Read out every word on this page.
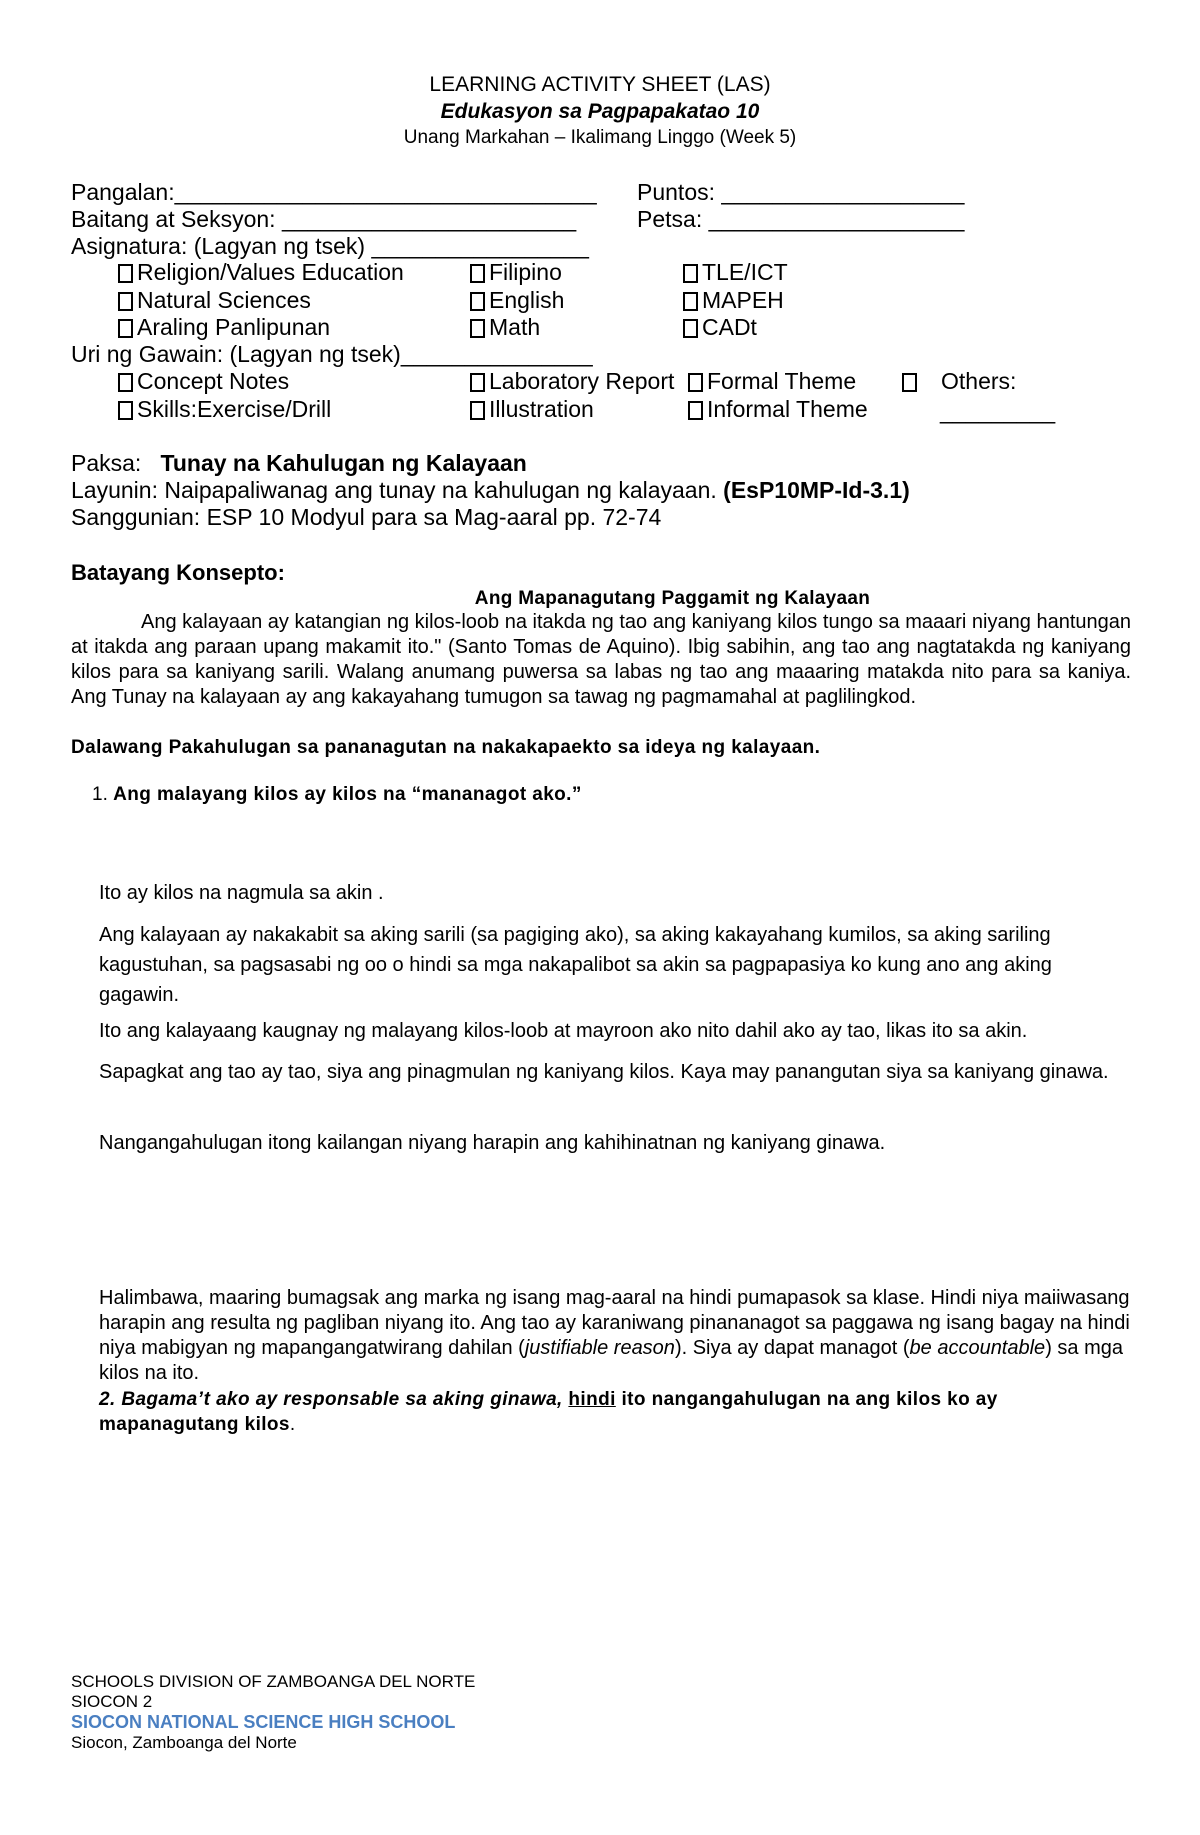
LEARNING ACTIVITY SHEET (LAS)
Edukasyon sa Pagpapakatao 10
Unang Markahan – Ikalimang Linggo (Week 5)
Pangalan:_________________________________ Puntos: ___________________
Baitang at Seksyon: _______________________	Petsa: ____________________
Asignatura: (Lagyan ng tsek) _________________
Religion/Values Education	Filipino	TLE/ICT
Natural Sciences	English	MAPEH
Araling Panlipunan	Math	CADt
Uri ng Gawain: (Lagyan ng tsek)_______________
Concept Notes	Laboratory Report	Formal Theme	Others:
Skills:Exercise/Drill	Illustration	Informal Theme	_________
Paksa: Tunay na Kahulugan ng Kalayaan
Layunin: Naipapaliwanag ang tunay na kahulugan ng kalayaan. (EsP10MP-Id-3.1)
Sanggunian: ESP 10 Modyul para sa Mag-aaral pp. 72-74
Batayang Konsepto:
Ang Mapanagutang Paggamit ng Kalayaan
Ang kalayaan ay katangian ng kilos-loob na itakda ng tao ang kaniyang kilos tungo sa maaari niyang hantungan at itakda ang paraan upang makamit ito." (Santo Tomas de Aquino). Ibig sabihin, ang tao ang nagtatakda ng kaniyang kilos para sa kaniyang sarili. Walang anumang puwersa sa labas ng tao ang maaaring matakda nito para sa kaniya. Ang Tunay na kalayaan ay ang kakayahang tumugon sa tawag ng pagmamahal at paglilingkod.
Dalawang Pakahulugan sa pananagutan na nakakapaekto sa ideya ng kalayaan.
1. Ang malayang kilos ay kilos na “mananagot ako.”
Ito ay kilos na nagmula sa akin .
Ang kalayaan ay nakakabit sa aking sarili (sa pagiging ako), sa aking kakayahang kumilos, sa aking sariling kagustuhan, sa pagsasabi ng oo o hindi sa mga nakapalibot sa akin sa pagpapasiya ko kung ano ang aking gagawin.
Ito ang kalayaang kaugnay ng malayang kilos-loob at mayroon ako nito dahil ako ay tao, likas ito sa akin.
Sapagkat ang tao ay tao, siya ang pinagmulan ng kaniyang kilos. Kaya may panangutan siya sa kaniyang ginawa.
Nangangahulugan itong kailangan niyang harapin ang kahihinatnan ng kaniyang ginawa.
Halimbawa, maaring bumagsak ang marka ng isang mag-aaral na hindi pumapasok sa klase. Hindi niya maiiwasang harapin ang resulta ng pagliban niyang ito. Ang tao ay karaniwang pinananagot sa paggawa ng isang bagay na hindi niya mabigyan ng mapangangatwirang dahilan (justifiable reason). Siya ay dapat managot (be accountable) sa mga kilos na ito.
2. Bagama’t ako ay responsable sa aking ginawa, hindi ito nangangahulugan na ang kilos ko ay mapanagutang kilos.
SCHOOLS DIVISION OF ZAMBOANGA DEL NORTE
SIOCON 2
SIOCON NATIONAL SCIENCE HIGH SCHOOL
Siocon, Zamboanga del Norte
